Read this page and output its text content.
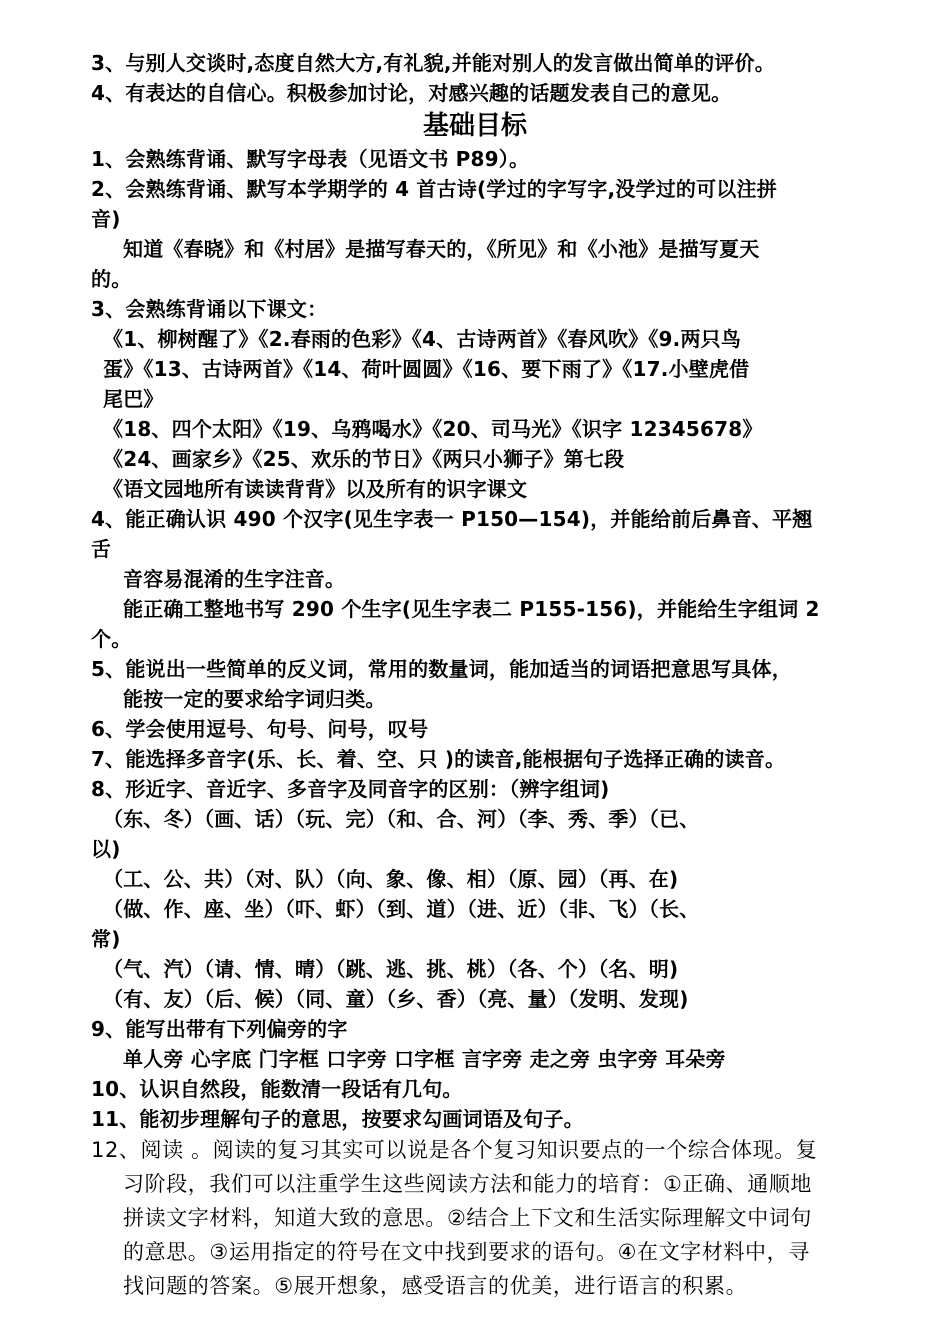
3、与别人交谈时,态度自然大方,有礼貌,并能对别人的发言做出简单的评价。
4、有表达的自信心。积极参加讨论，对感兴趣的话题发表自己的意见。
基础目标
1、会熟练背诵、默写字母表（见语文书 P89）。
2、会熟练背诵、默写本学期学的 4 首古诗(学过的字写字,没学过的可以注拼
音)
知道《春晓》和《村居》是描写春天的，《所见》和《小池》是描写夏天
的。
3、会熟练背诵以下课文：
《1、柳树醒了》《2.春雨的色彩》《4、古诗两首》《春风吹》《9.两只鸟
蛋》《13、古诗两首》《14、荷叶圆圆》《16、要下雨了》《17.小壁虎借
尾巴》
《18、四个太阳》《19、乌鸦喝水》《20、司马光》《识字 12345678》
《24、画家乡》《25、欢乐的节日》《两只小狮子》第七段
《语文园地所有读读背背》以及所有的识字课文
4、能正确认识 490 个汉字(见生字表一 P150—154)，并能给前后鼻音、平翘
舌
音容易混淆的生字注音。
能正确工整地书写 290 个生字(见生字表二 P155-156)，并能给生字组词 2
个。
5、能说出一些简单的反义词，常用的数量词，能加适当的词语把意思写具体，
能按一定的要求给字词归类。
6、学会使用逗号、句号、问号，叹号
7、能选择多音字(乐、长、着、空、只 )的读音,能根据句子选择正确的读音。
8、形近字、音近字、多音字及同音字的区别：（辨字组词)
（东、冬）（画、话）（玩、完）（和、合、河）（李、秀、季）（已、
以)
（工、公、共）（对、队）（向、象、像、相）（原、园）（再、在)
（做、作、座、坐）（吓、虾）（到、道）（进、近）（非、飞）（长、
常)
（气、汽）（请、情、晴）（跳、逃、挑、桃）（各、个）（名、明)
（有、友）（后、候）（同、童）（乡、香）（亮、量）（发明、发现)
9、能写出带有下列偏旁的字
单人旁 心字底 门字框 口字旁 口字框 言字旁 走之旁 虫字旁 耳朵旁
10、认识自然段，能数清一段话有几句。
11、能初步理解句子的意思，按要求勾画词语及句子。
12、阅读 。阅读的复习其实可以说是各个复习知识要点的一个综合体现。复
习阶段，我们可以注重学生这些阅读方法和能力的培育：①正确、通顺地
拼读文字材料，知道大致的意思。②结合上下文和生活实际理解文中词句
的意思。③运用指定的符号在文中找到要求的语句。④在文字材料中，寻
找问题的答案。⑤展开想象，感受语言的优美，进行语言的积累。
